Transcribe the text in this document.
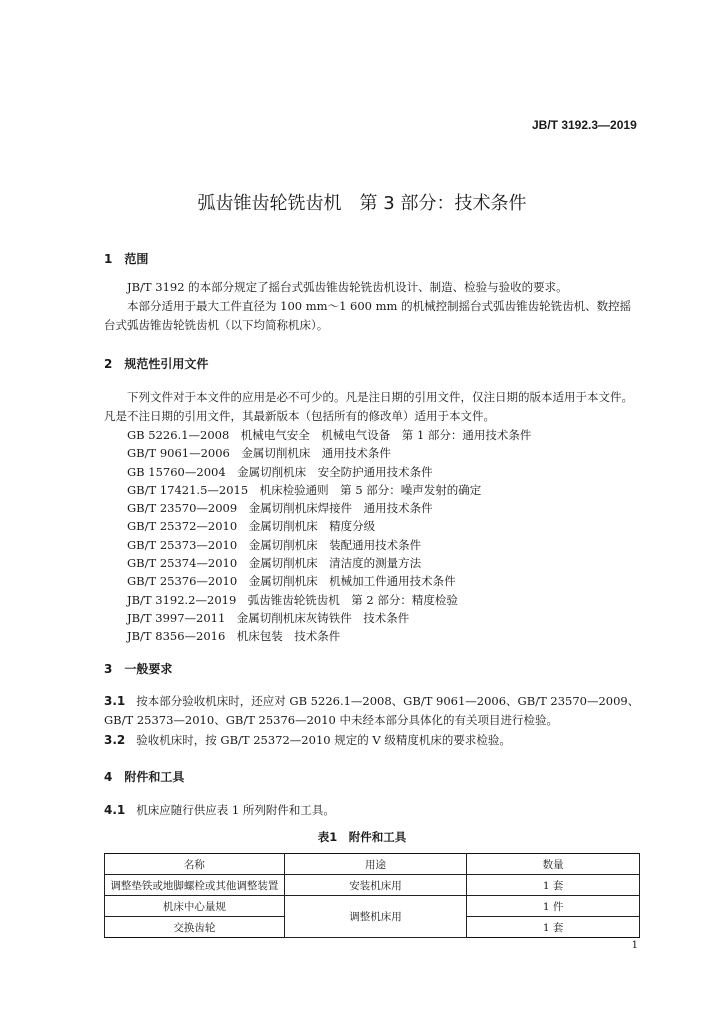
JB/T 3192.3—2019
弧齿锥齿轮铣齿机　第 3 部分：技术条件
1　范围
JB/T 3192 的本部分规定了摇台式弧齿锥齿轮铣齿机设计、制造、检验与验收的要求。
本部分适用于最大工件直径为 100 mm～1 600 mm 的机械控制摇台式弧齿锥齿轮铣齿机、数控摇台式弧齿锥齿轮铣齿机（以下均简称机床）。
2　规范性引用文件
下列文件对于本文件的应用是必不可少的。凡是注日期的引用文件，仅注日期的版本适用于本文件。凡是不注日期的引用文件，其最新版本（包括所有的修改单）适用于本文件。
GB 5226.1—2008　机械电气安全　机械电气设备　第 1 部分：通用技术条件
GB/T 9061—2006　金属切削机床　通用技术条件
GB 15760—2004　金属切削机床　安全防护通用技术条件
GB/T 17421.5—2015　机床检验通则　第 5 部分：噪声发射的确定
GB/T 23570—2009　金属切削机床焊接件　通用技术条件
GB/T 25372—2010　金属切削机床　精度分级
GB/T 25373—2010　金属切削机床　装配通用技术条件
GB/T 25374—2010　金属切削机床　清洁度的测量方法
GB/T 25376—2010　金属切削机床　机械加工件通用技术条件
JB/T 3192.2—2019　弧齿锥齿轮铣齿机　第 2 部分：精度检验
JB/T 3997—2011　金属切削机床灰铸铁件　技术条件
JB/T 8356—2016　机床包装　技术条件
3　一般要求
3.1 按本部分验收机床时，还应对 GB 5226.1—2008、GB/T 9061—2006、GB/T 23570—2009、GB/T 25373—2010、GB/T 25376—2010 中未经本部分具体化的有关项目进行检验。
3.2 验收机床时，按 GB/T 25372—2010 规定的 V 级精度机床的要求检验。
4　附件和工具
4.1 机床应随行供应表 1 所列附件和工具。
表1　附件和工具
名称	用途	数量
调整垫铁或地脚螺栓或其他调整装置	安装机床用	1 套
机床中心量规	调整机床用	1 件
交换齿轮		1 套
1
